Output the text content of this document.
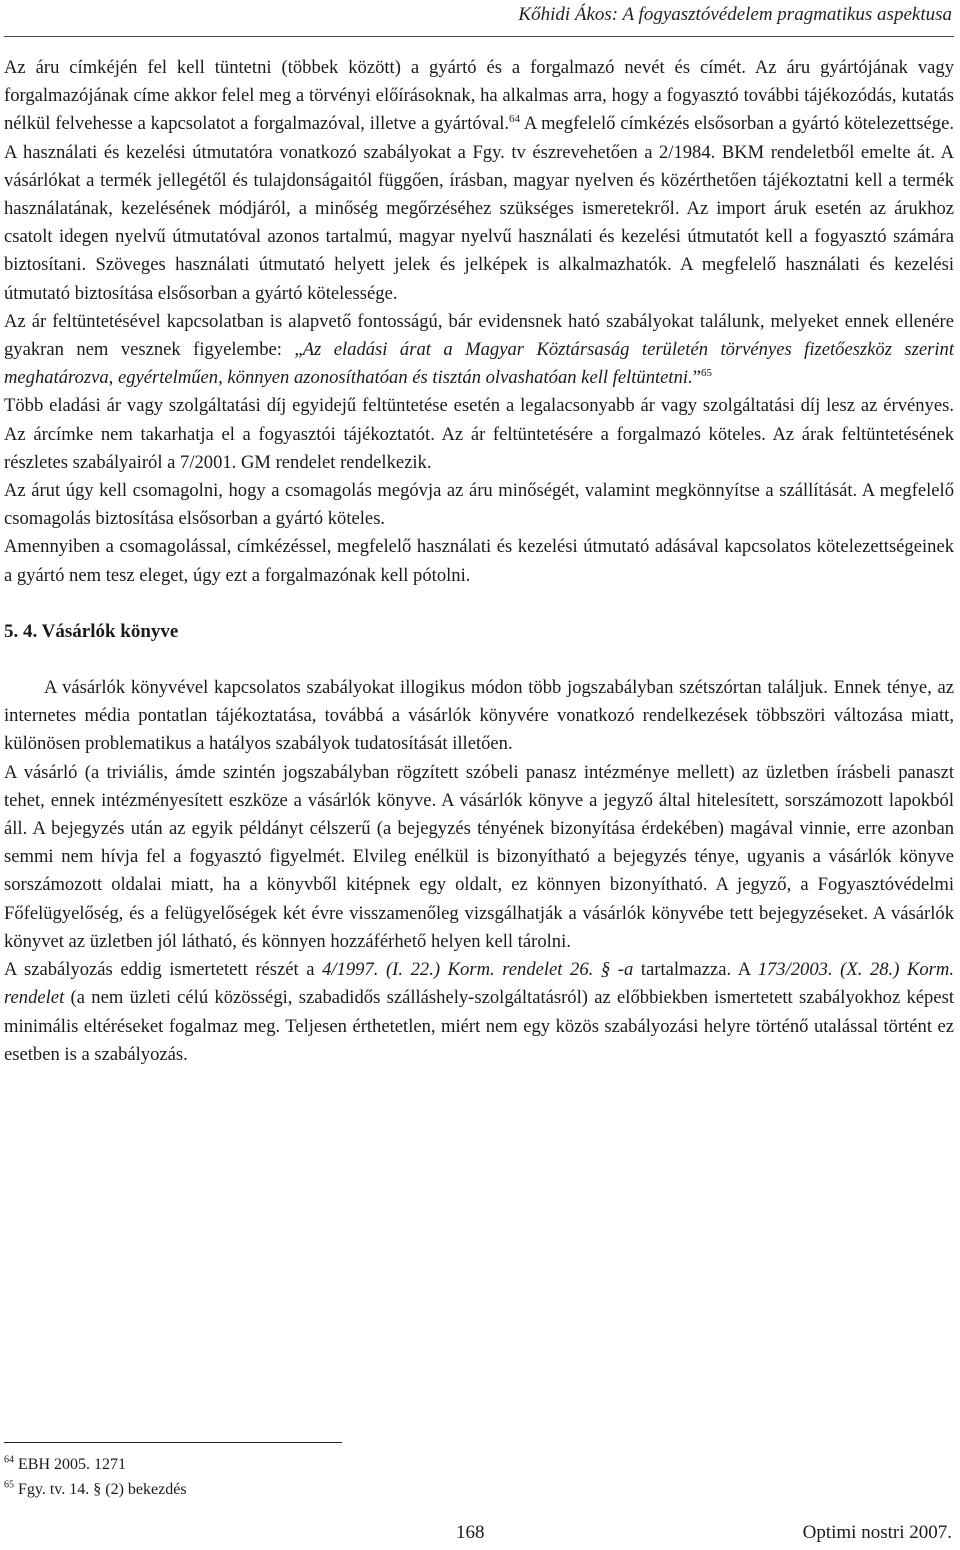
Kőhidi Ákos: A fogyasztóvédelem pragmatikus aspektusa

Az áru címkéjén fel kell tüntetni (többek között) a gyártó és a forgalmazó nevét és címét. Az áru gyártójának vagy forgalmazójának címe akkor felel meg a törvényi előírásoknak, ha alkalmas arra, hogy a fogyasztó további tájékozódás, kutatás nélkül felvehesse a kapcsolatot a forgalmazóval, illetve a gyártóval.$^{64}$ A megfelelő címkézés elsősorban a gyártó kötelezettsége. A használati és kezelési útmutatóra vonatkozó szabályokat a Fgy. tv észrevehetően a 2/1984. BKM rendeletből emelte át. A vásárlókat a termék jellegétől és tulajdonságaitól függően, írásban, magyar nyelven és közérthetően tájékoztatni kell a termék használatának, kezelésének módjáról, a minőség megőrzéséhez szükséges ismeretekről. Az import áruk esetén az árukhoz csatolt idegen nyelvű útmutatóval azonos tartalmú, magyar nyelvű használati és kezelési útmutatót kell a fogyasztó számára biztosítani. Szöveges használati útmutató helyett jelek és jelképek is alkalmazhatók. A megfelelő használati és kezelési útmutató biztosítása elsősorban a gyártó kötelessége.

Az ár feltüntetésével kapcsolatban is alapvető fontosságú, bár evidensnek ható szabályokat találunk, melyeket ennek ellenére gyakran nem vesznek figyelembe: „Az eladási árat a Magyar Köztársaság területén törvényes fizetőeszköz szerint meghatározva, egyértelműen, könnyen azonosíthatóan és tisztán olvashatóan kell feltüntetni.”$^{65}$

Több eladási ár vagy szolgáltatási díj egyidejű feltüntetése esetén a legalacsonyabb ár vagy szolgáltatási díj lesz az érvényes. Az árcímke nem takarhatja el a fogyasztói tájékoztatót. Az ár feltüntetésére a forgalmazó köteles. Az árak feltüntetésének részletes szabályairól a 7/2001. GM rendelet rendelkezik.

Az árut úgy kell csomagolni, hogy a csomagolás megóvja az áru minőségét, valamint megkönnyítse a szállítását. A megfelelő csomagolás biztosítása elsősorban a gyártó köteles.

Amennyiben a csomagolással, címkézéssel, megfelelő használati és kezelési útmutató adásával kapcsolatos kötelezettségeinek a gyártó nem tesz eleget, úgy ezt a forgalmazónak kell pótolni.

5. 4. Vásárlók könyve

A vásárlók könyvével kapcsolatos szabályokat illogikus módon több jogszabályban szétszórtan találjuk. Ennek ténye, az internetes média pontatlan tájékoztatása, továbbá a vásárlók könyvére vonatkozó rendelkezések többszöri változása miatt, különösen problematikus a hatályos szabályok tudatosítását illetően.

A vásárló (a triviális, ámde szintén jogszabályban rögzített szóbeli panasz intézménye mellett) az üzletben írásbeli panaszt tehet, ennek intézményesített eszköze a vásárlók könyve. A vásárlók könyve a jegyző által hitelesített, sorszámozott lapokból áll. A bejegyzés után az egyik példányt célszerű (a bejegyzés tényének bizonyítása érdekében) magával vinnie, erre azonban semmi nem hívja fel a fogyasztó figyelmét. Elvileg enélkül is bizonyítható a bejegyzés ténye, ugyanis a vásárlók könyve sorszámozott oldalai miatt, ha a könyvből kitépnek egy oldalt, ez könnyen bizonyítható. A jegyző, a Fogyasztóvédelmi Főfelügyelőség, és a felügyelőségek két évre visszamenőleg vizsgálhatják a vásárlók könyvébe tett bejegyzéseket. A vásárlók könyvet az üzletben jól látható, és könnyen hozzáférhető helyen kell tárolni.

A szabályozás eddig ismertetett részét a 4/1997. (I. 22.) Korm. rendelet 26. § -a tartalmazza. A 173/2003. (X. 28.) Korm. rendelet (a nem üzleti célú közösségi, szabadidős szálláshely-szolgáltatásról) az előbbiekben ismertetett szabályokhoz képest minimális eltéréseket fogalmaz meg. Teljesen érthetetlen, miért nem egy közös szabályozási helyre történő utalással történt ez esetben is a szabályozás.

$^{64}$ EBH 2005. 1271
$^{65}$ Fgy. tv. 14. § (2) bekezdés
168	Optimi nostri 2007.
